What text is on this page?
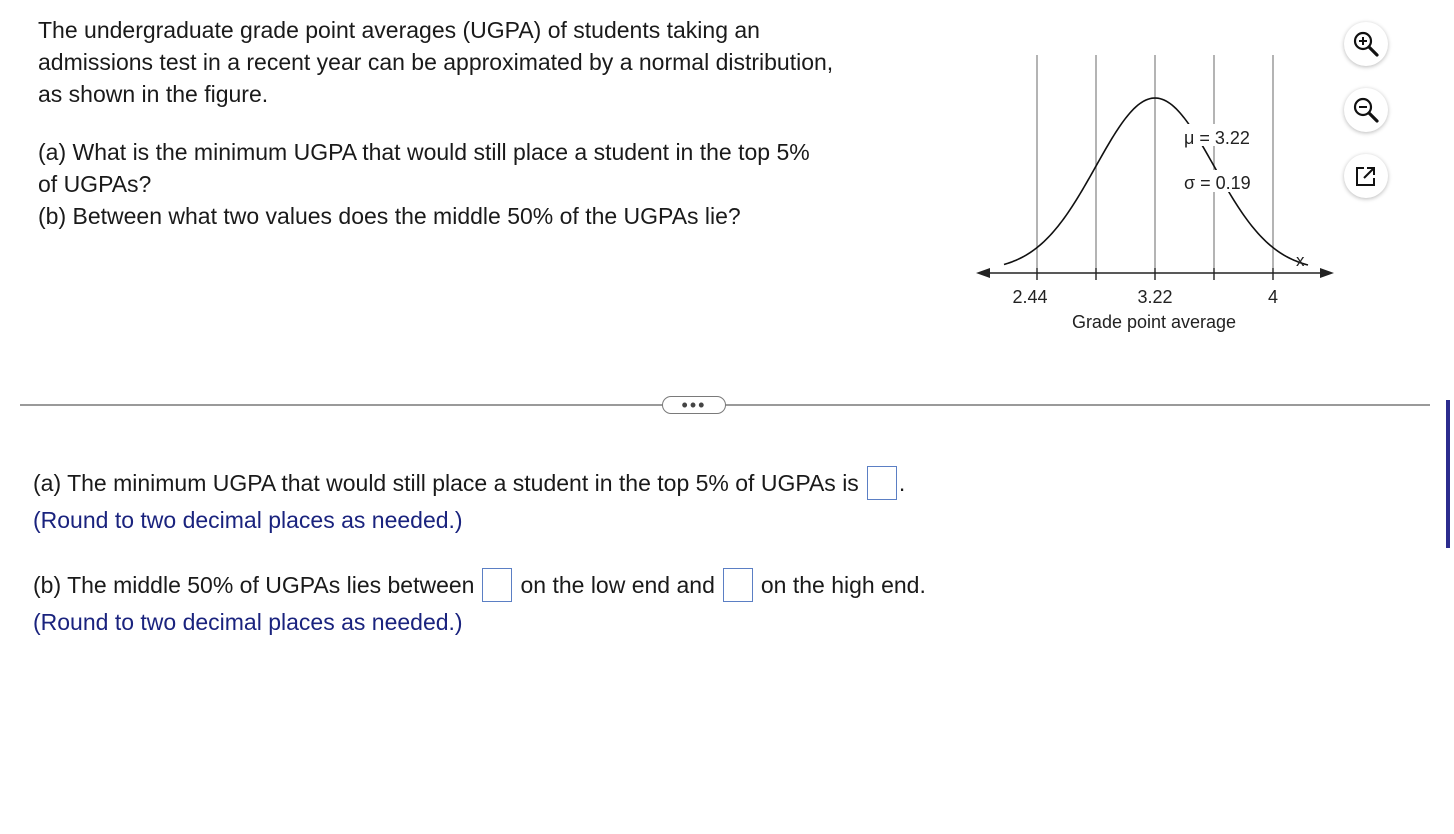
The undergraduate grade point averages (UGPA) of students taking an

admissions test in a recent year can be approximated by a normal distribution,

as shown in the figure.

(a) What is the minimum UGPA that would still place a student in the top 5%

of UGPAs?

(b) Between what two values does the middle 50% of the UGPAs lie?

μ = 3.22
σ = 0.19
x
2.44	3.22	4
Grade point average
•••
(a) The minimum UGPA that would still place a student in the top 5% of UGPAs is .
(Round to two decimal places as needed.)
(b) The middle 50% of UGPAs lies between on the low end and on the high end.
(Round to two decimal places as needed.)
